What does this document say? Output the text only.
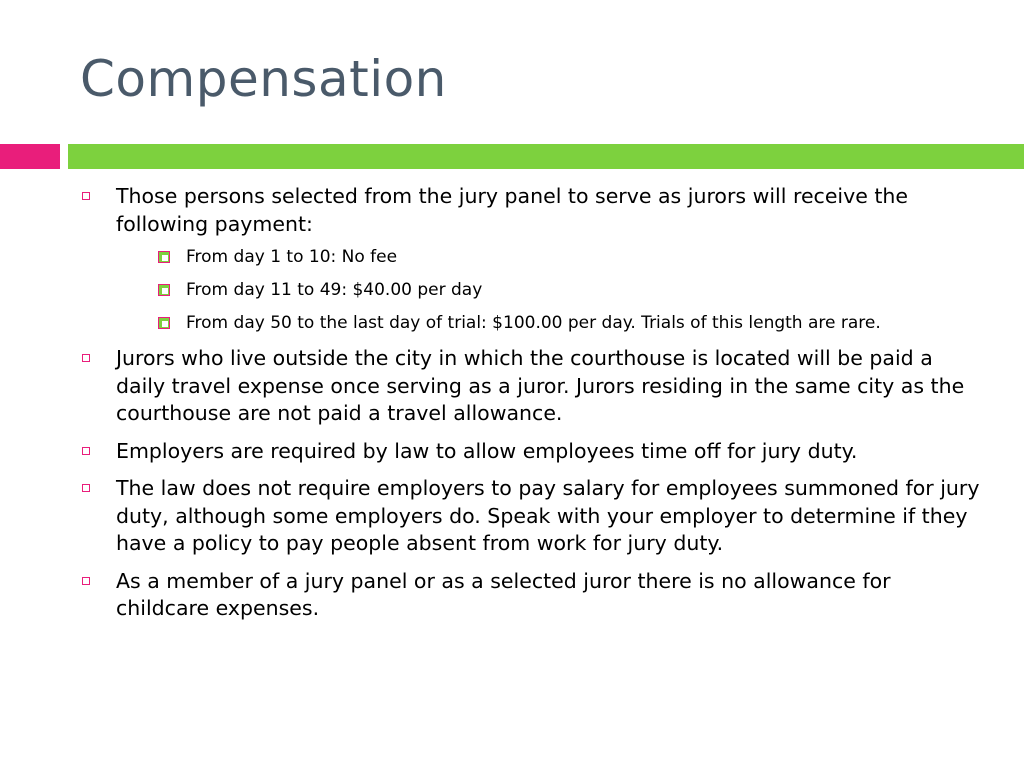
Compensation
Those persons selected from the jury panel to serve as jurors will receive the following payment:
From day 1 to 10: No fee
From day 11 to 49: $40.00 per day
From day 50 to the last day of trial: $100.00 per day. Trials of this length are rare.
Jurors who live outside the city in which the courthouse is located will be paid a daily travel expense once serving as a juror. Jurors residing in the same city as the courthouse are not paid a travel allowance.
Employers are required by law to allow employees time off for jury duty.
The law does not require employers to pay salary for employees summoned for jury duty, although some employers do. Speak with your employer to determine if they have a policy to pay people absent from work for jury duty.
As a member of a jury panel or as a selected juror there is no allowance for childcare expenses.
